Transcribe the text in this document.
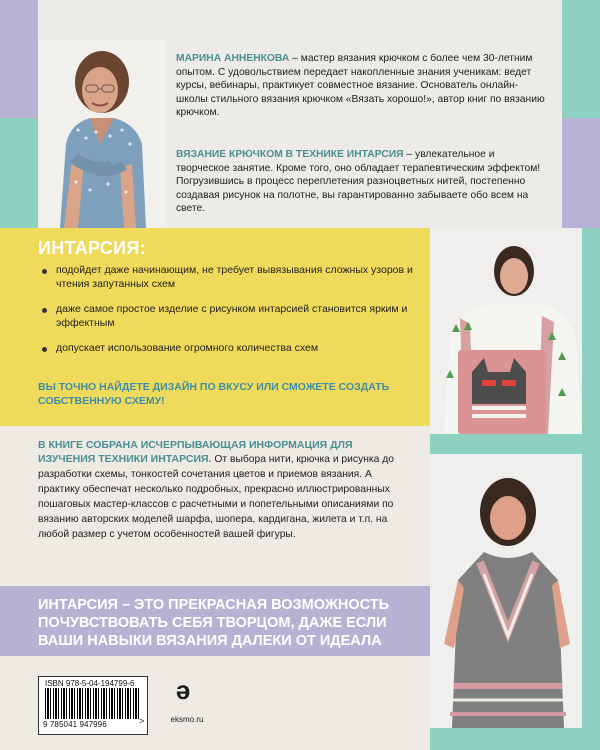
МАРИНА АННЕНКОВА – мастер вязания крючком с более чем 30-летним опытом. С удовольствием передает накопленные знания ученикам: ведет курсы, вебинары, практикует совместное вязание. Основатель онлайн-школы стильного вязания крючком «Вязать хорошо!», автор книг по вязанию крючком.
ВЯЗАНИЕ КРЮЧКОМ В ТЕХНИКЕ ИНТАРСИЯ – увлекательное и творческое занятие. Кроме того, оно обладает терапевтическим эффектом! Погрузившись в процесс переплетения разноцветных нитей, постепенно создавая рисунок на полотне, вы гарантированно забываете обо всем на свете.
ИНТАРСИЯ:
подойдет даже начинающим, не требует вывязывания сложных узоров и чтения запутанных схем
даже самое простое изделие с рисунком интарсией становится ярким и эффектным
допускает использование огромного количества схем
ВЫ ТОЧНО НАЙДЕТЕ ДИЗАЙН ПО ВКУСУ ИЛИ СМОЖЕТЕ СОЗДАТЬ СОБСТВЕННУЮ СХЕМУ!
В КНИГЕ СОБРАНА ИСЧЕРПЫВАЮЩАЯ ИНФОРМАЦИЯ ДЛЯ ИЗУЧЕНИЯ ТЕХНИКИ ИНТАРСИЯ. От выбора нити, крючка и рисунка до разработки схемы, тонкостей сочетания цветов и приемов вязания. А практику обеспечат несколько подробных, прекрасно иллюстрированных пошаговых мастер-классов с расчетными и попетельными описаниями по вязанию авторских моделей шарфа, шопера, кардигана, жилета и т.п. на любой размер с учетом особенностей вашей фигуры.
ИНТАРСИЯ – ЭТО ПРЕКРАСНАЯ ВОЗМОЖНОСТЬ ПОЧУВСТВОВАТЬ СЕБЯ ТВОРЦОМ, ДАЖЕ ЕСЛИ ВАШИ НАВЫКИ ВЯЗАНИЯ ДАЛЕКИ ОТ ИДЕАЛА
ISBN 978-5-04-194799-6
9 785041 947996	>
ǝ
eksmo.ru
